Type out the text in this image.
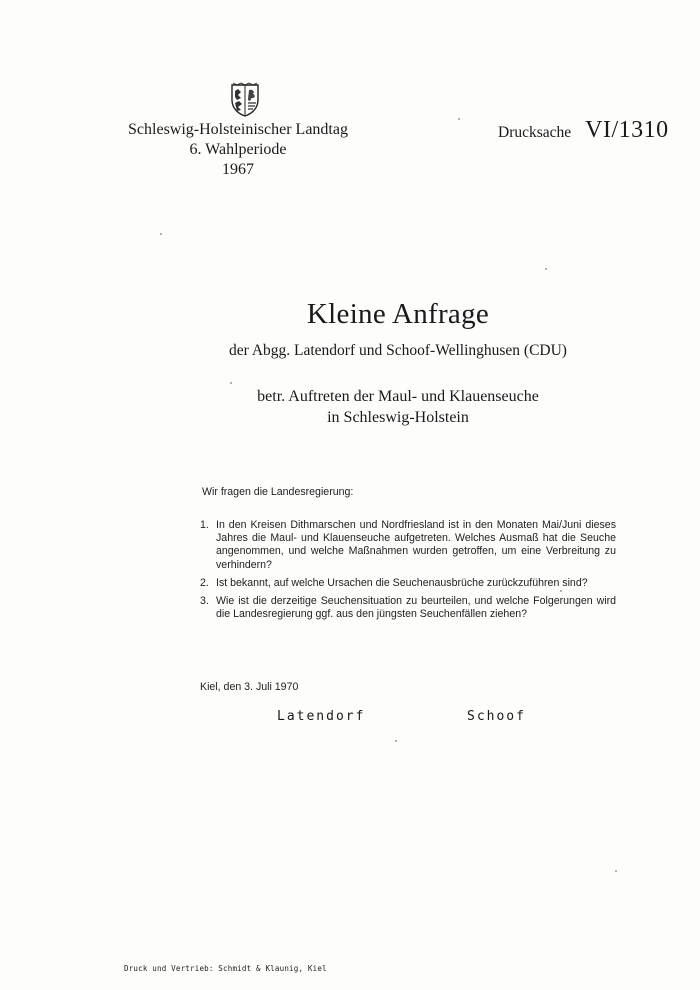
Schleswig-Holsteinischer Landtag
6. Wahlperiode
1967
Drucksache VI/1310
Kleine Anfrage
der Abgg. Latendorf und Schoof-Wellinghusen (CDU)
betr. Auftreten der Maul- und Klauenseuche
in Schleswig-Holstein
Wir fragen die Landesregierung:
1. In den Kreisen Dithmarschen und Nordfriesland ist in den Monaten Mai/Juni dieses Jahres die Maul- und Klauenseuche aufgetreten. Welches Ausmaß hat die Seuche angenommen, und welche Maßnahmen wurden getroffen, um eine Verbreitung zu verhindern?
2. Ist bekannt, auf welche Ursachen die Seuchenausbrüche zurückzuführen sind?
3. Wie ist die derzeitige Seuchensituation zu beurteilen, und welche Folgerungen wird die Landesregierung ggf. aus den jüngsten Seuchenfällen ziehen?
Kiel, den 3. Juli 1970
Latendorf	Schoof
Druck und Vertrieb: Schmidt & Klaunig, Kiel
